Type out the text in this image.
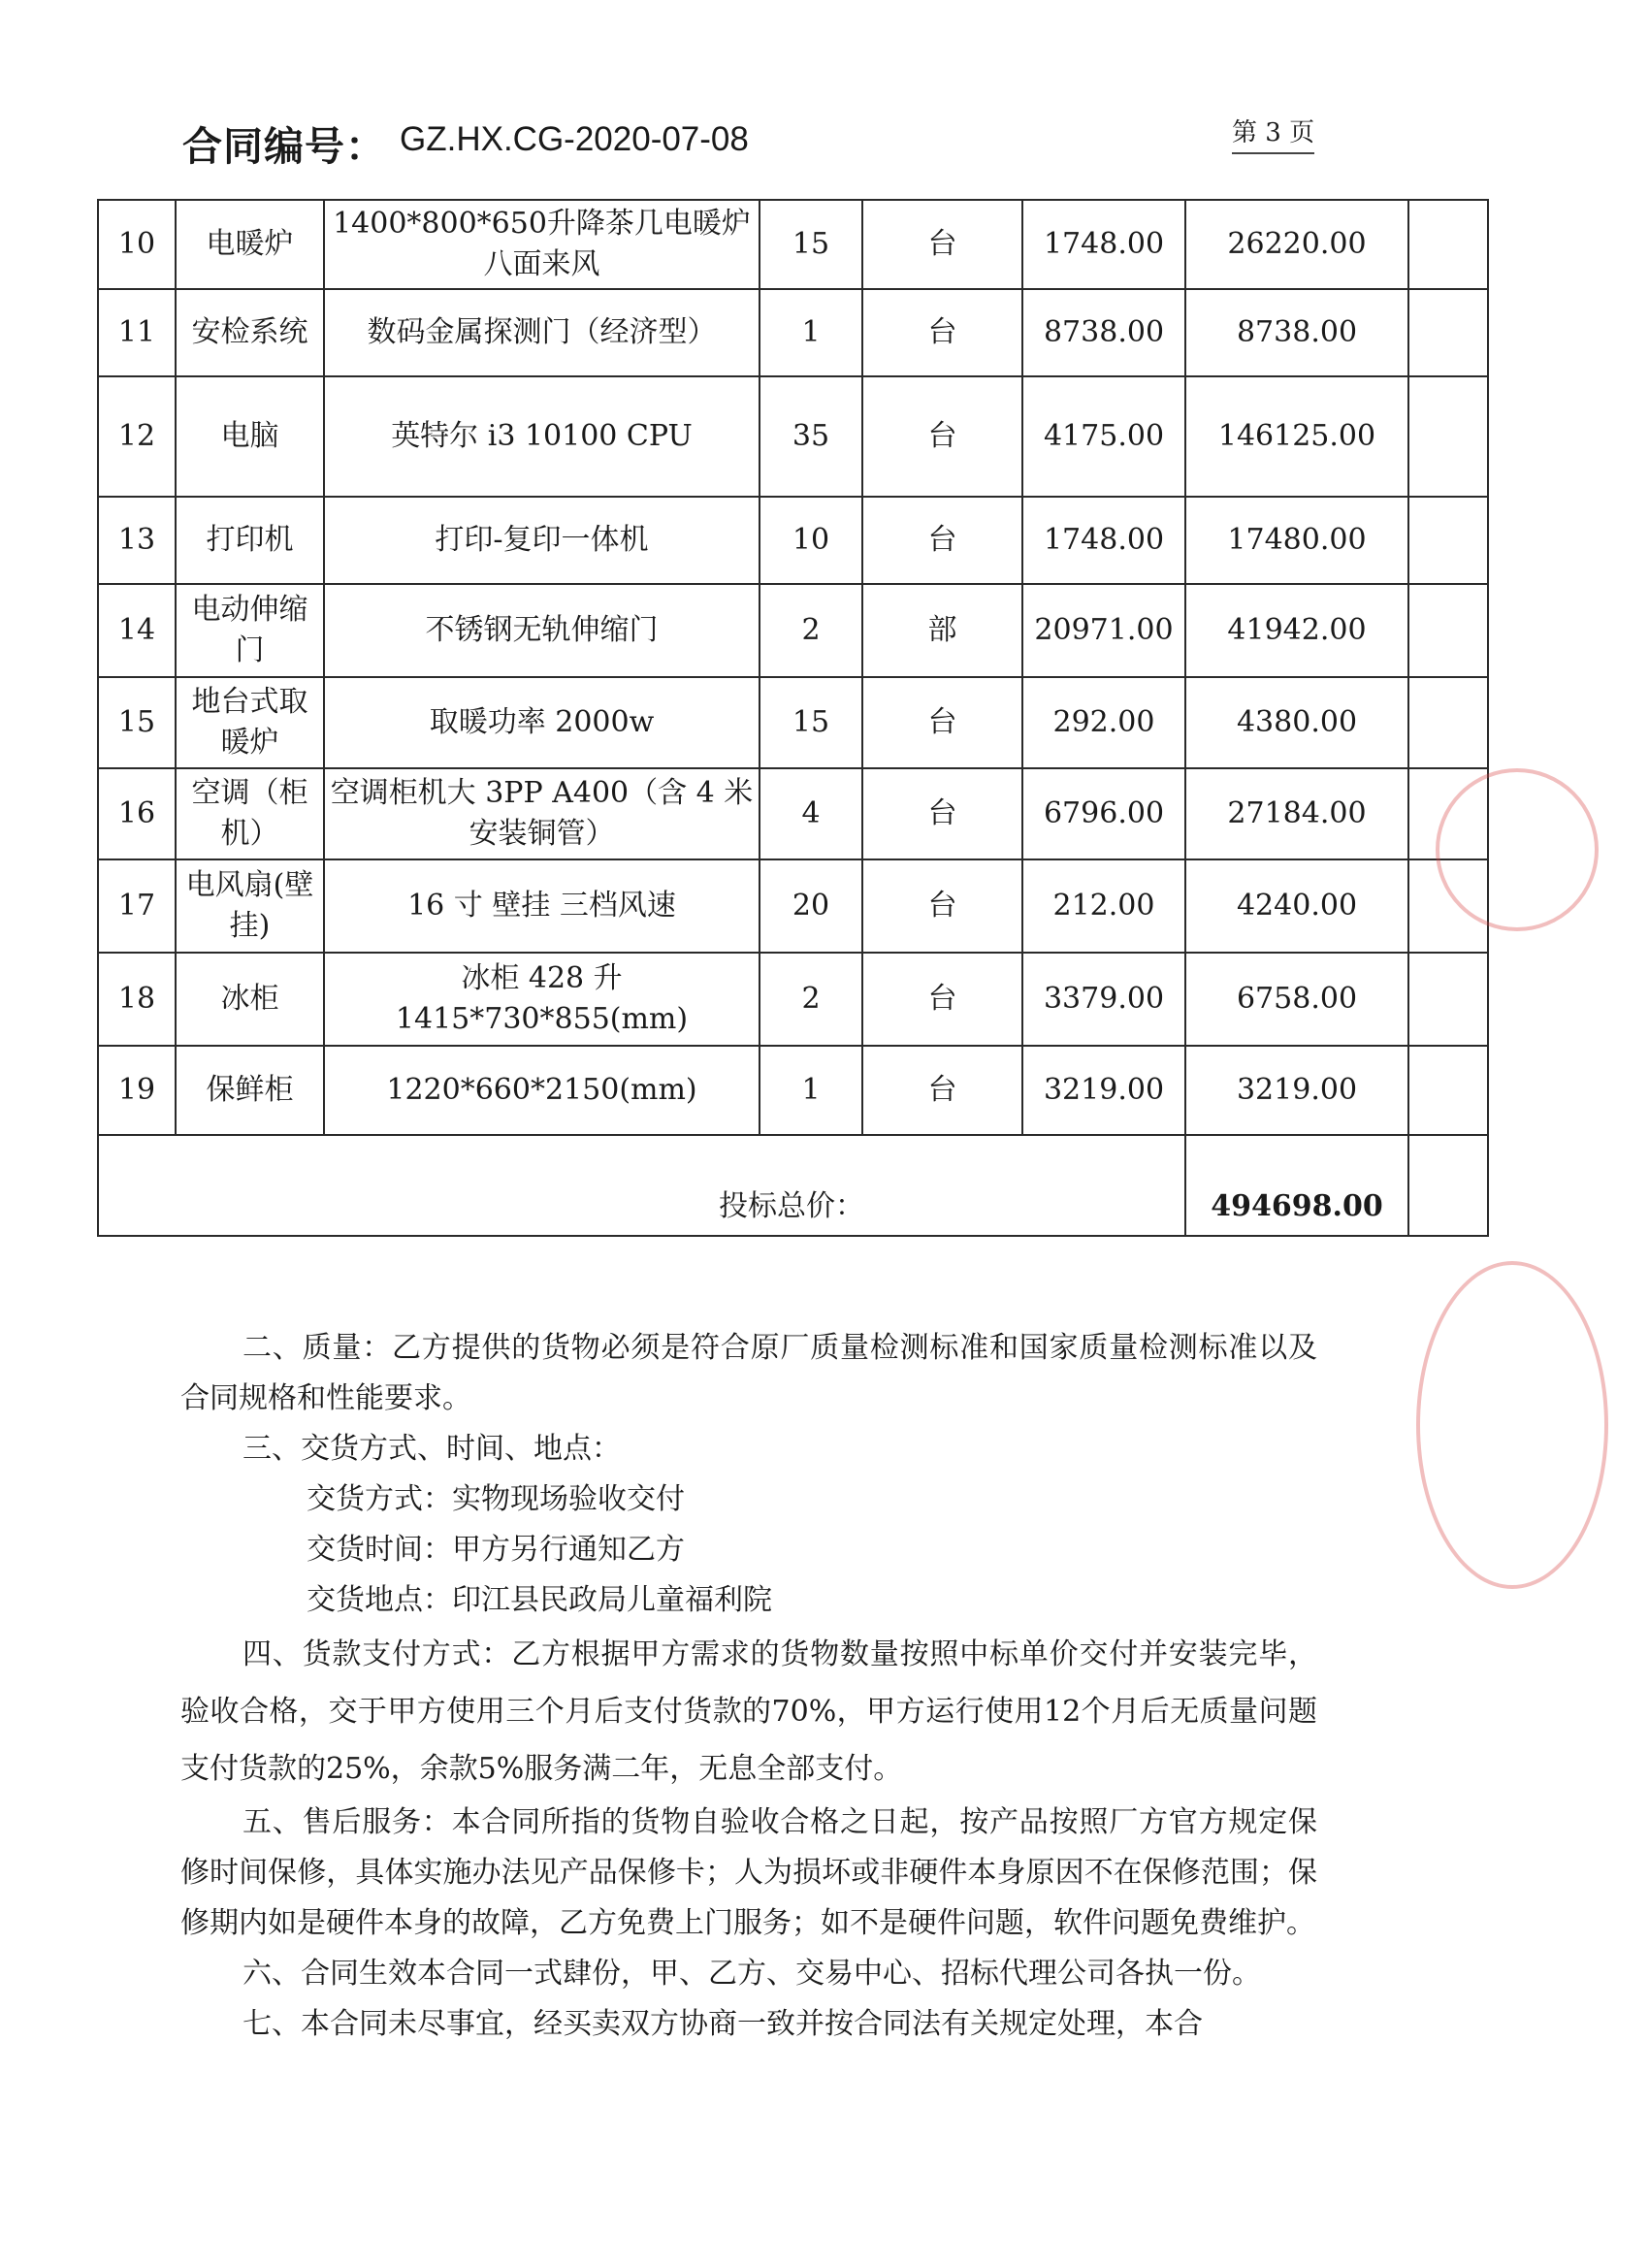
合同编号： GZ.HX.CG-2020-07-08	第 3 页
10	电暖炉	1400*800*650升降茶几电暖炉八面来风	15	台	1748.00	26220.00	
11	安检系统	数码金属探测门（经济型）	1	台	8738.00	8738.00	
12	电脑	英特尔 i3 10100 CPU	35	台	4175.00	146125.00	
13	打印机	打印-复印一体机	10	台	1748.00	17480.00	
14	电动伸缩门	不锈钢无轨伸缩门	2	部	20971.00	41942.00	
15	地台式取暖炉	取暖功率 2000w	15	台	292.00	4380.00	
16	空调（柜机）	空调柜机大 3PP A400（含 4 米安装铜管）	4	台	6796.00	27184.00	
17	电风扇(壁挂)	16 寸 壁挂 三档风速	20	台	212.00	4240.00	
18	冰柜	冰柜 428 升 1415*730*855(mm)	2	台	3379.00	6758.00	
19	保鲜柜	1220*660*2150(mm)	1	台	3219.00	3219.00	
投标总价：						494698.00	

二、质量：乙方提供的货物必须是符合原厂质量检测标准和国家质量检测标准以及合同规格和性能要求。

三、交货方式、时间、地点：

交货方式：实物现场验收交付

交货时间：甲方另行通知乙方

交货地点：印江县民政局儿童福利院

四、货款支付方式：乙方根据甲方需求的货物数量按照中标单价交付并安装完毕，验收合格，交于甲方使用三个月后支付货款的70%，甲方运行使用12个月后无质量问题支付货款的25%，余款5%服务满二年，无息全部支付。

五、售后服务：本合同所指的货物自验收合格之日起，按产品按照厂方官方规定保修时间保修，具体实施办法见产品保修卡；人为损坏或非硬件本身原因不在保修范围；保修期内如是硬件本身的故障，乙方免费上门服务；如不是硬件问题，软件问题免费维护。

六、合同生效本合同一式肆份，甲、乙方、交易中心、招标代理公司各执一份。

七、本合同未尽事宜，经买卖双方协商一致并按合同法有关规定处理，本合
